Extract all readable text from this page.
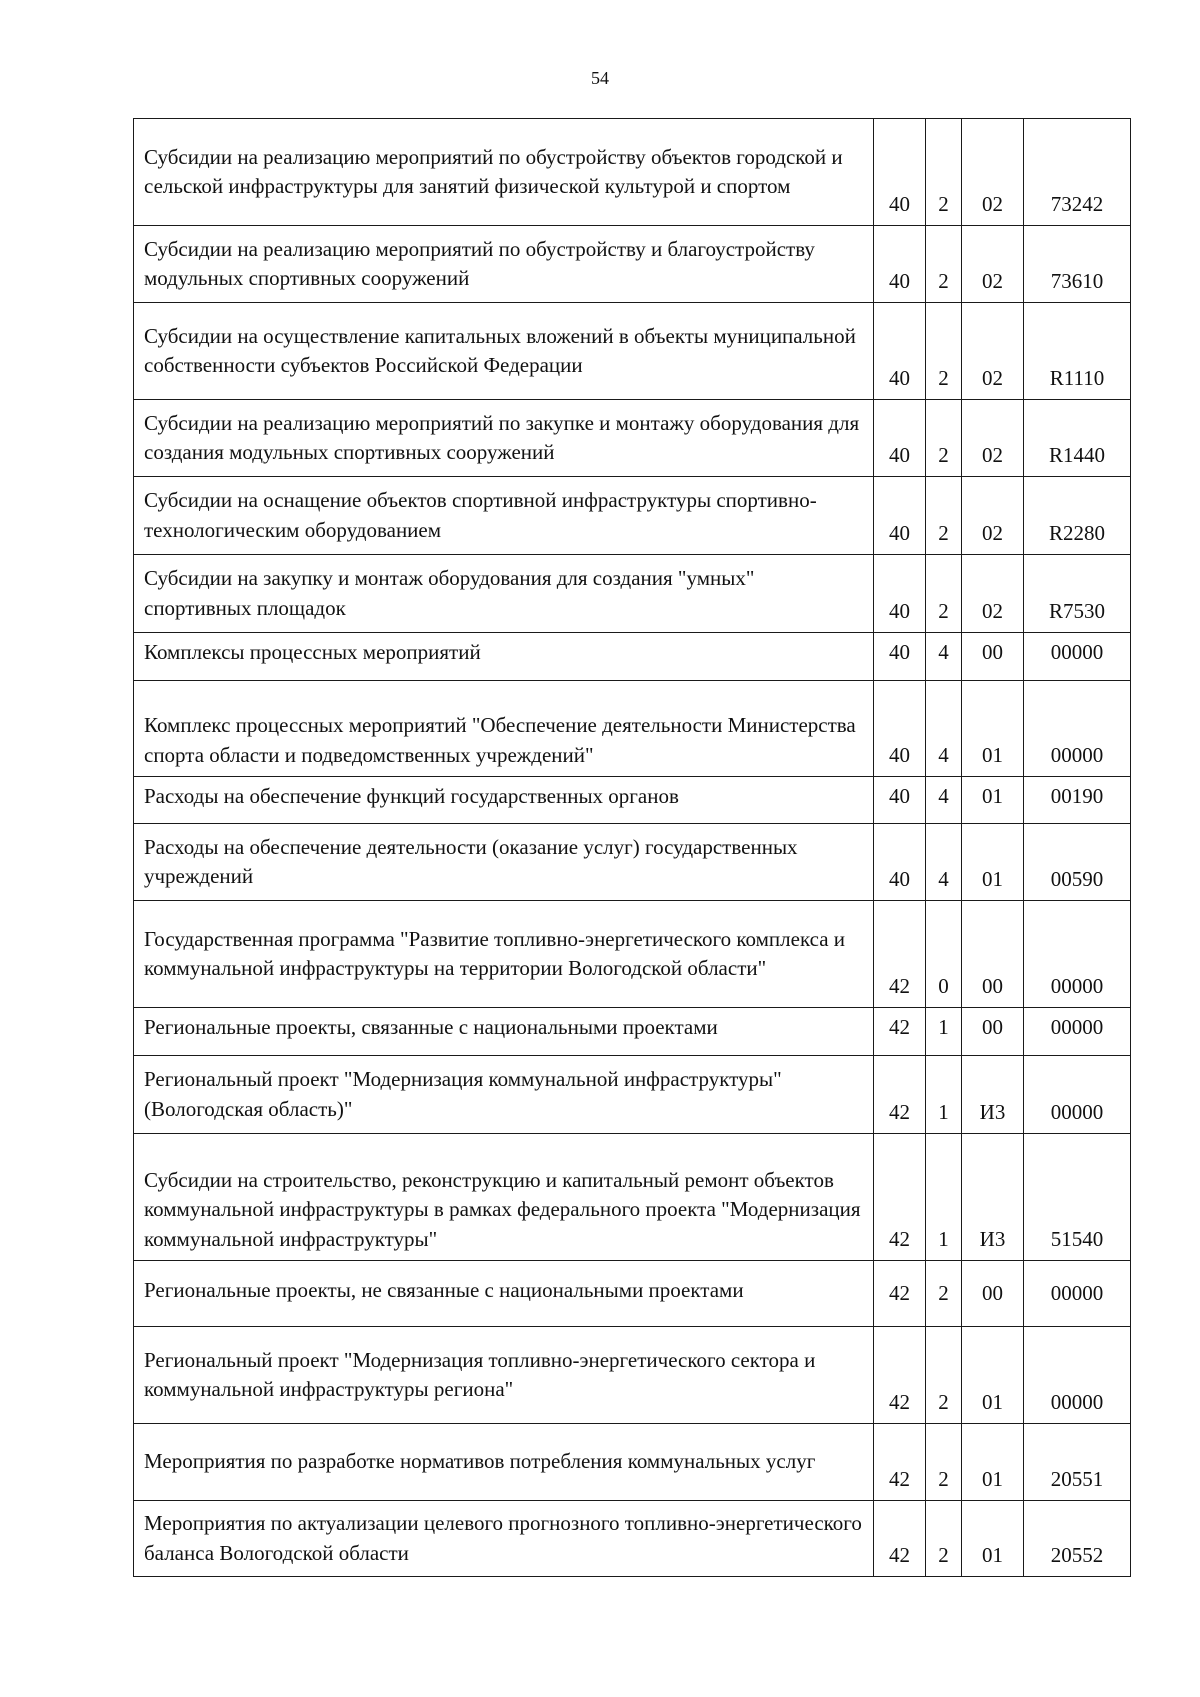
54
Субсидии на реализацию мероприятий по обустройству объектов городской и сельской инфраструктуры для занятий физической культурой и спортом	40	2	02	73242
Субсидии на реализацию мероприятий по обустройству и благоустройству модульных спортивных сооружений	40	2	02	73610
Субсидии на осуществление капитальных вложений в объекты муниципальной собственности субъектов Российской Федерации	40	2	02	R1110
Субсидии на реализацию мероприятий по закупке и монтажу оборудования для создания модульных спортивных сооружений	40	2	02	R1440
Субсидии на оснащение объектов спортивной инфраструктуры спортивно-технологическим оборудованием	40	2	02	R2280
Субсидии на закупку и монтаж оборудования для создания "умных" спортивных площадок	40	2	02	R7530
Комплексы процессных мероприятий	40	4	00	00000
Комплекс процессных мероприятий "Обеспечение деятельности Министерства спорта области и подведомственных учреждений"	40	4	01	00000
Расходы на обеспечение функций государственных органов	40	4	01	00190
Расходы на обеспечение деятельности (оказание услуг) государственных учреждений	40	4	01	00590
Государственная программа "Развитие топливно-энергетического комплекса и коммунальной инфраструктуры на территории Вологодской области"	42	0	00	00000
Региональные проекты, связанные с национальными проектами	42	1	00	00000
Региональный проект "Модернизация коммунальной инфраструктуры" (Вологодская область)"	42	1	И3	00000
Субсидии на строительство, реконструкцию и капитальный ремонт объектов коммунальной инфраструктуры в рамках федерального проекта "Модернизация коммунальной инфраструктуры"	42	1	И3	51540
Региональные проекты, не связанные с национальными проектами	42	2	00	00000
Региональный проект "Модернизация топливно-энергетического сектора и коммунальной инфраструктуры региона"	42	2	01	00000
Мероприятия по разработке нормативов потребления коммунальных услуг	42	2	01	20551
Мероприятия по актуализации целевого прогнозного топливно-энергетического баланса Вологодской области	42	2	01	20552
